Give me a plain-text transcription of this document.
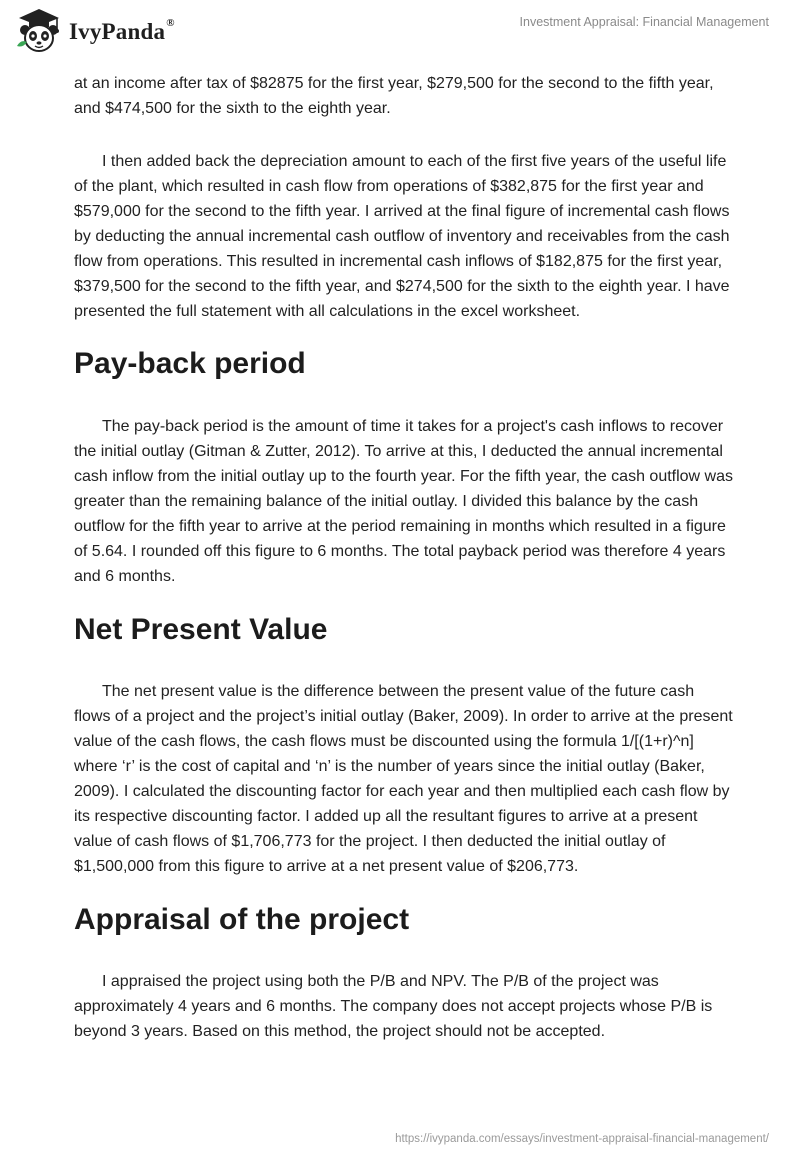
IvyPanda®	Investment Appraisal: Financial Management

at an income after tax of $82875 for the first year, $279,500 for the second to the fifth year, and $474,500 for the sixth to the eighth year.

I then added back the depreciation amount to each of the first five years of the useful life of the plant, which resulted in cash flow from operations of $382,875 for the first year and $579,000 for the second to the fifth year. I arrived at the final figure of incremental cash flows by deducting the annual incremental cash outflow of inventory and receivables from the cash flow from operations. This resulted in incremental cash inflows of $182,875 for the first year, $379,500 for the second to the fifth year, and $274,500 for the sixth to the eighth year. I have presented the full statement with all calculations in the excel worksheet.

Pay-back period

The pay-back period is the amount of time it takes for a project's cash inflows to recover the initial outlay (Gitman & Zutter, 2012). To arrive at this, I deducted the annual incremental cash inflow from the initial outlay up to the fourth year. For the fifth year, the cash outflow was greater than the remaining balance of the initial outlay. I divided this balance by the cash outflow for the fifth year to arrive at the period remaining in months which resulted in a figure of 5.64. I rounded off this figure to 6 months. The total payback period was therefore 4 years and 6 months.

Net Present Value

The net present value is the difference between the present value of the future cash flows of a project and the project’s initial outlay (Baker, 2009). In order to arrive at the present value of the cash flows, the cash flows must be discounted using the formula 1/[(1+r)^n] where ‘r’ is the cost of capital and ‘n’ is the number of years since the initial outlay (Baker, 2009). I calculated the discounting factor for each year and then multiplied each cash flow by its respective discounting factor. I added up all the resultant figures to arrive at a present value of cash flows of $1,706,773 for the project. I then deducted the initial outlay of $1,500,000 from this figure to arrive at a net present value of $206,773.

Appraisal of the project

I appraised the project using both the P/B and NPV. The P/B of the project was approximately 4 years and 6 months. The company does not accept projects whose P/B is beyond 3 years. Based on this method, the project should not be accepted.

https://ivypanda.com/essays/investment-appraisal-financial-management/
